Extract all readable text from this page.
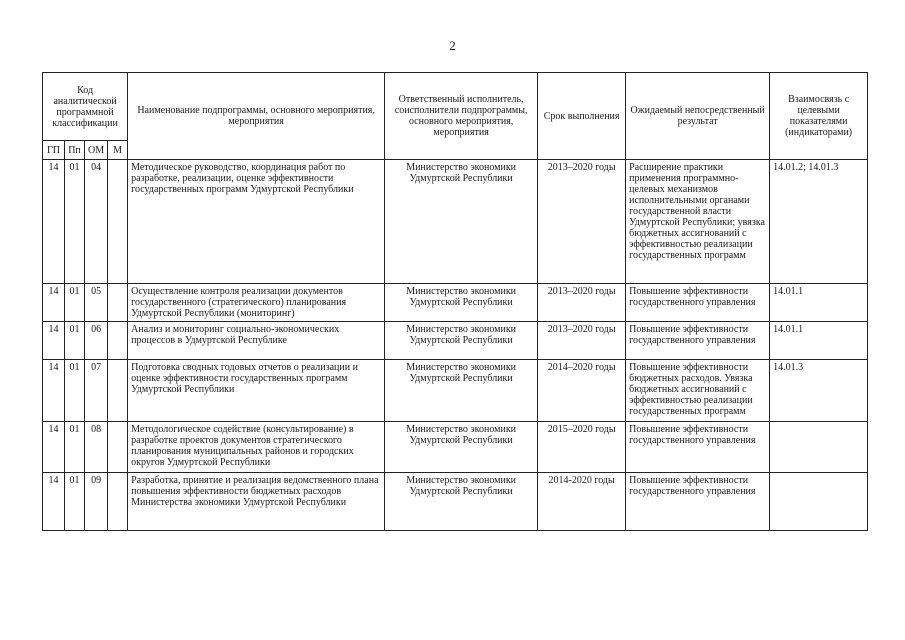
2
Код аналитической программной классификации				Наименование подпрограммы, основного мероприятия, мероприятия	Ответственный исполнитель, соисполнители подпрограммы, основного мероприятия, мероприятия	Срок выполнения	Ожидаемый непосредственный результат	Взаимосвязь с целевыми показателями (индикаторами)
ГП	Пп	ОМ	М					
14	01	04		Методическое руководство, координация работ по разработке, реализации, оценке эффективности государственных программ Удмуртской Республики	Министерство экономики Удмуртской Республики	2013–2020 годы	Расширение практики применения программно-целевых механизмов исполнительными органами государственной власти Удмуртской Республики; увязка бюджетных ассигнований с эффективностью реализации государственных программ	14.01.2; 14.01.3
14	01	05		Осуществление контроля реализации документов государственного (стратегического) планирования Удмуртской Республики (мониторинг)	Министерство экономики Удмуртской Республики	2013–2020 годы	Повышение эффективности государственного управления	14.01.1
14	01	06		Анализ и мониторинг социально-экономических процессов в Удмуртской Республике	Министерство экономики Удмуртской Республики	2013–2020 годы	Повышение эффективности государственного управления	14.01.1
14	01	07		Подготовка сводных годовых отчетов о реализации и оценке эффективности государственных программ Удмуртской Республики	Министерство экономики Удмуртской Республики	2014–2020 годы	Повышение эффективности бюджетных расходов. Увязка бюджетных ассигнований с эффективностью реализации государственных программ	14.01.3
14	01	08		Методологическое содействие (консультирование) в разработке проектов документов стратегического планирования муниципальных районов и городских округов Удмуртской Республики	Министерство экономики Удмуртской Республики	2015–2020 годы	Повышение эффективности государственного управления	
14	01	09		Разработка, принятие и реализация ведомственного плана повышения эффективности бюджетных расходов Министерства экономики Удмуртской Республики	Министерство экономики Удмуртской Республики	2014-2020 годы	Повышение эффективности государственного управления	
